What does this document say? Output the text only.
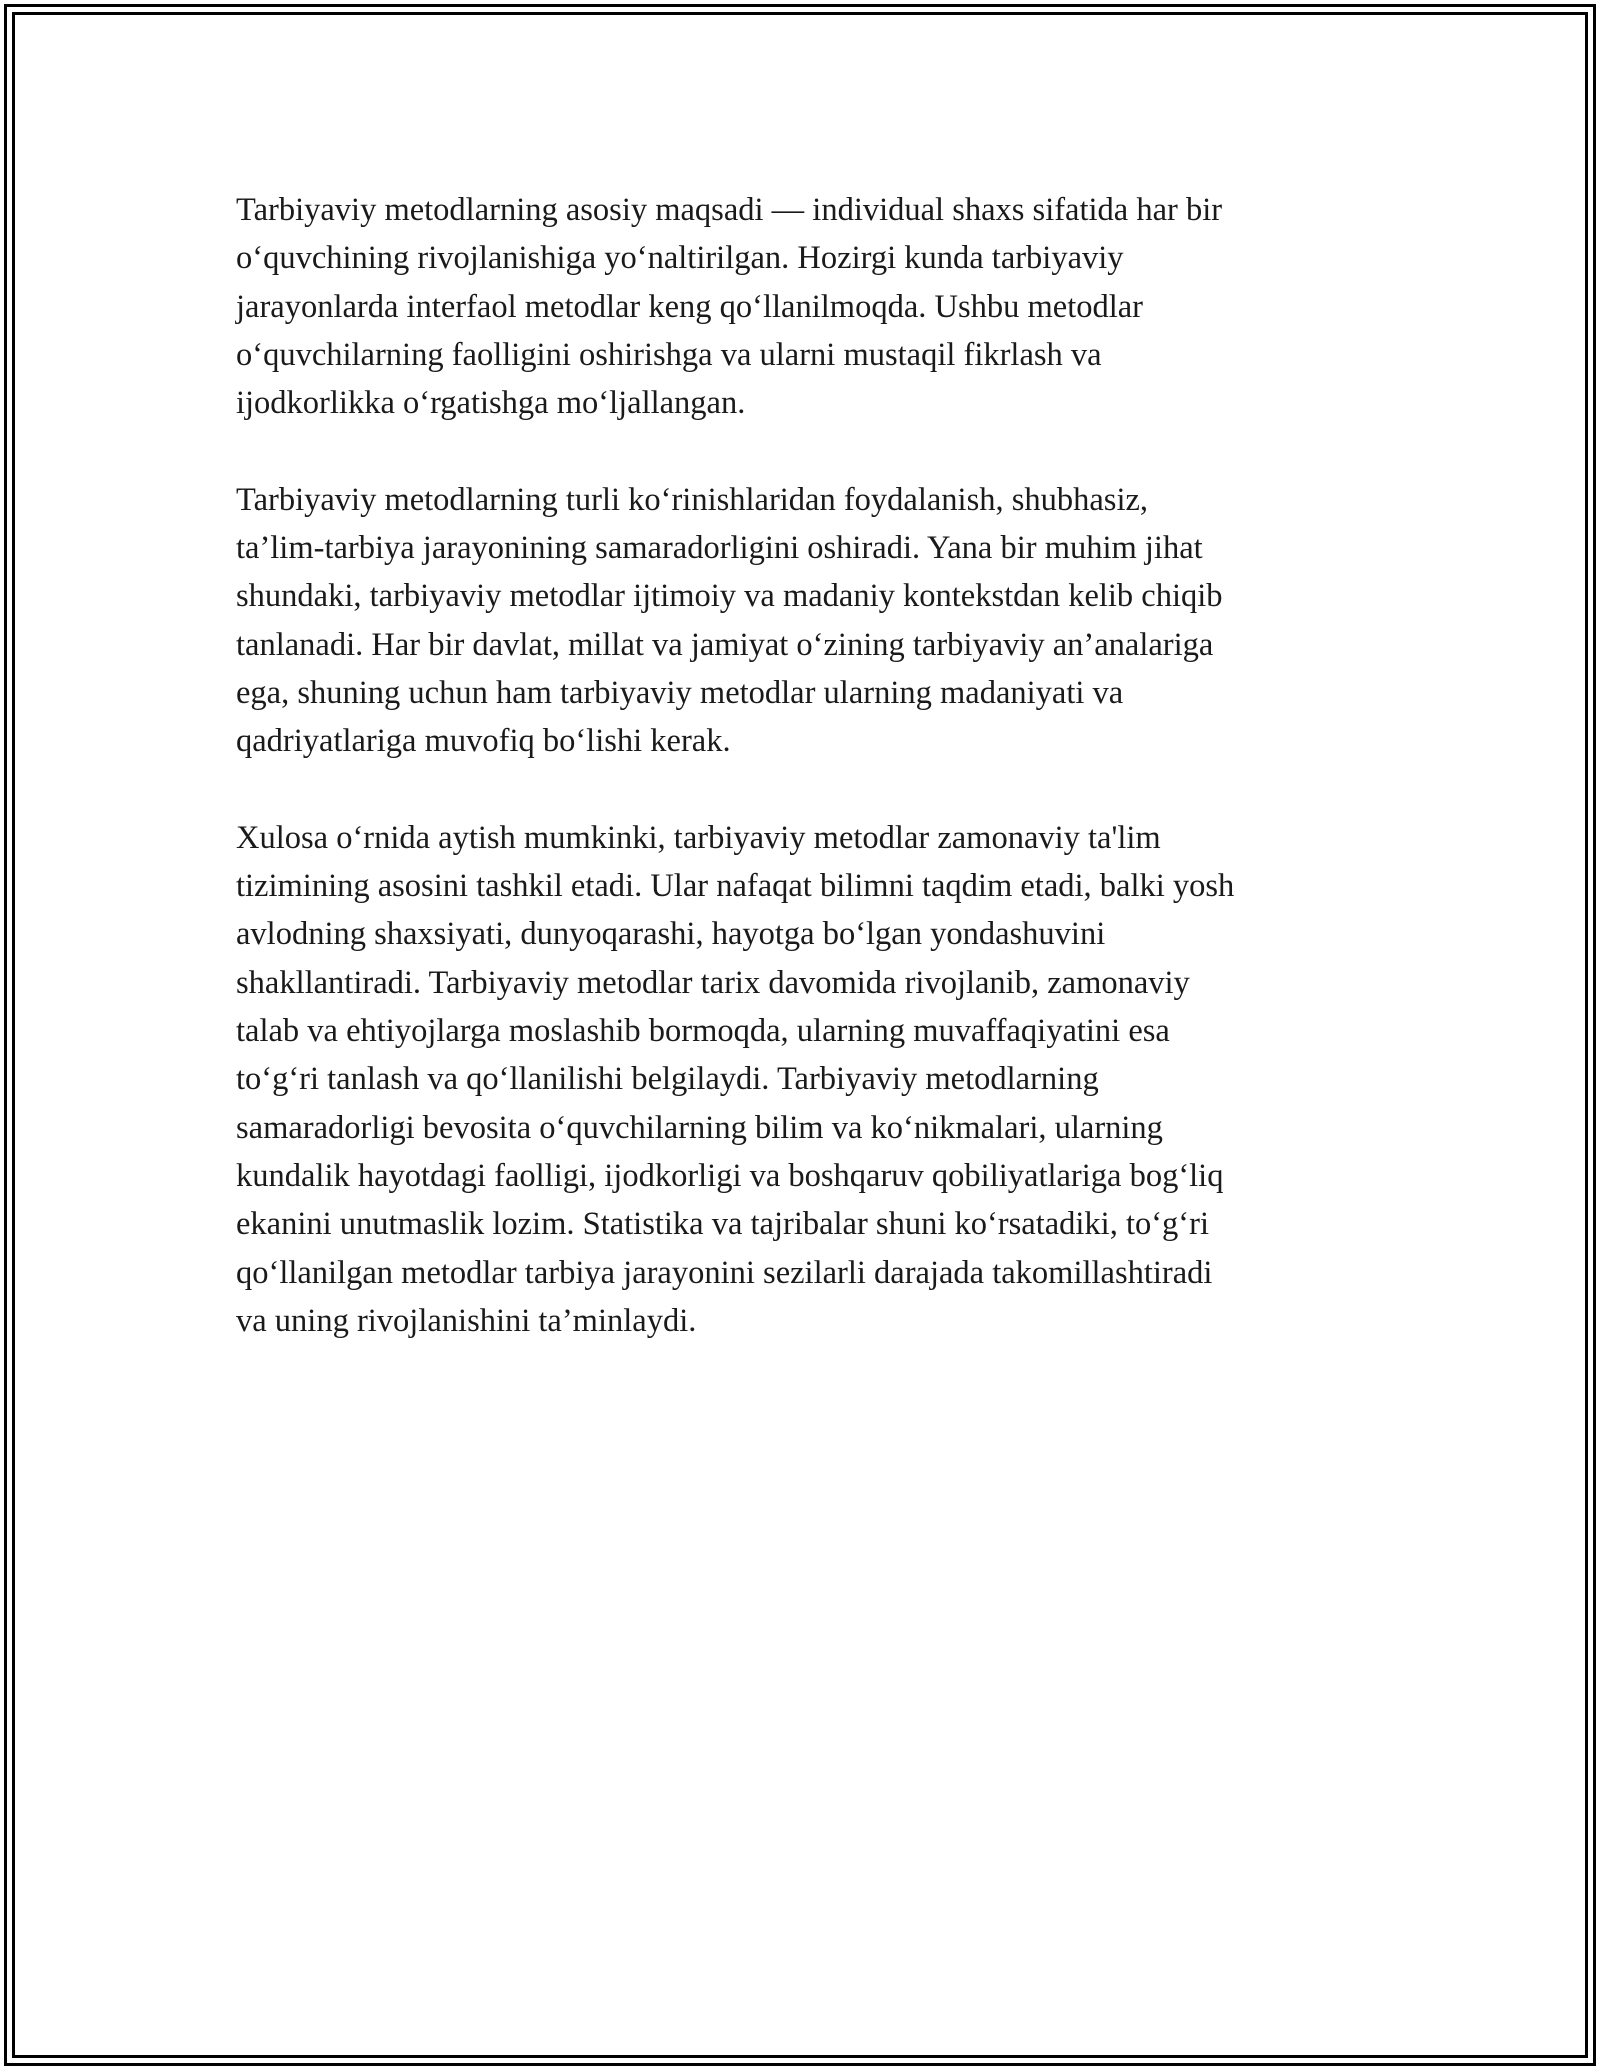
Tarbiyaviy metodlarning asosiy maqsadi — individual shaxs sifatida har bir
o‘quvchining rivojlanishiga yo‘naltirilgan. Hozirgi kunda tarbiyaviy
jarayonlarda interfaol metodlar keng qo‘llanilmoqda. Ushbu metodlar
o‘quvchilarning faolligini oshirishga va ularni mustaqil fikrlash va
ijodkorlikka o‘rgatishga mo‘ljallangan.

Tarbiyaviy metodlarning turli ko‘rinishlaridan foydalanish, shubhasiz,
ta’lim-tarbiya jarayonining samaradorligini oshiradi. Yana bir muhim jihat
shundaki, tarbiyaviy metodlar ijtimoiy va madaniy kontekstdan kelib chiqib
tanlanadi. Har bir davlat, millat va jamiyat o‘zining tarbiyaviy an’analariga
ega, shuning uchun ham tarbiyaviy metodlar ularning madaniyati va
qadriyatlariga muvofiq bo‘lishi kerak.

Xulosa o‘rnida aytish mumkinki, tarbiyaviy metodlar zamonaviy ta'lim
tizimining asosini tashkil etadi. Ular nafaqat bilimni taqdim etadi, balki yosh
avlodning shaxsiyati, dunyoqarashi, hayotga bo‘lgan yondashuvini
shakllantiradi. Tarbiyaviy metodlar tarix davomida rivojlanib, zamonaviy
talab va ehtiyojlarga moslashib bormoqda, ularning muvaffaqiyatini esa
to‘g‘ri tanlash va qo‘llanilishi belgilaydi. Tarbiyaviy metodlarning
samaradorligi bevosita o‘quvchilarning bilim va ko‘nikmalari, ularning
kundalik hayotdagi faolligi, ijodkorligi va boshqaruv qobiliyatlariga bog‘liq
ekanini unutmaslik lozim. Statistika va tajribalar shuni ko‘rsatadiki, to‘g‘ri
qo‘llanilgan metodlar tarbiya jarayonini sezilarli darajada takomillashtiradi
va uning rivojlanishini ta’minlaydi.
